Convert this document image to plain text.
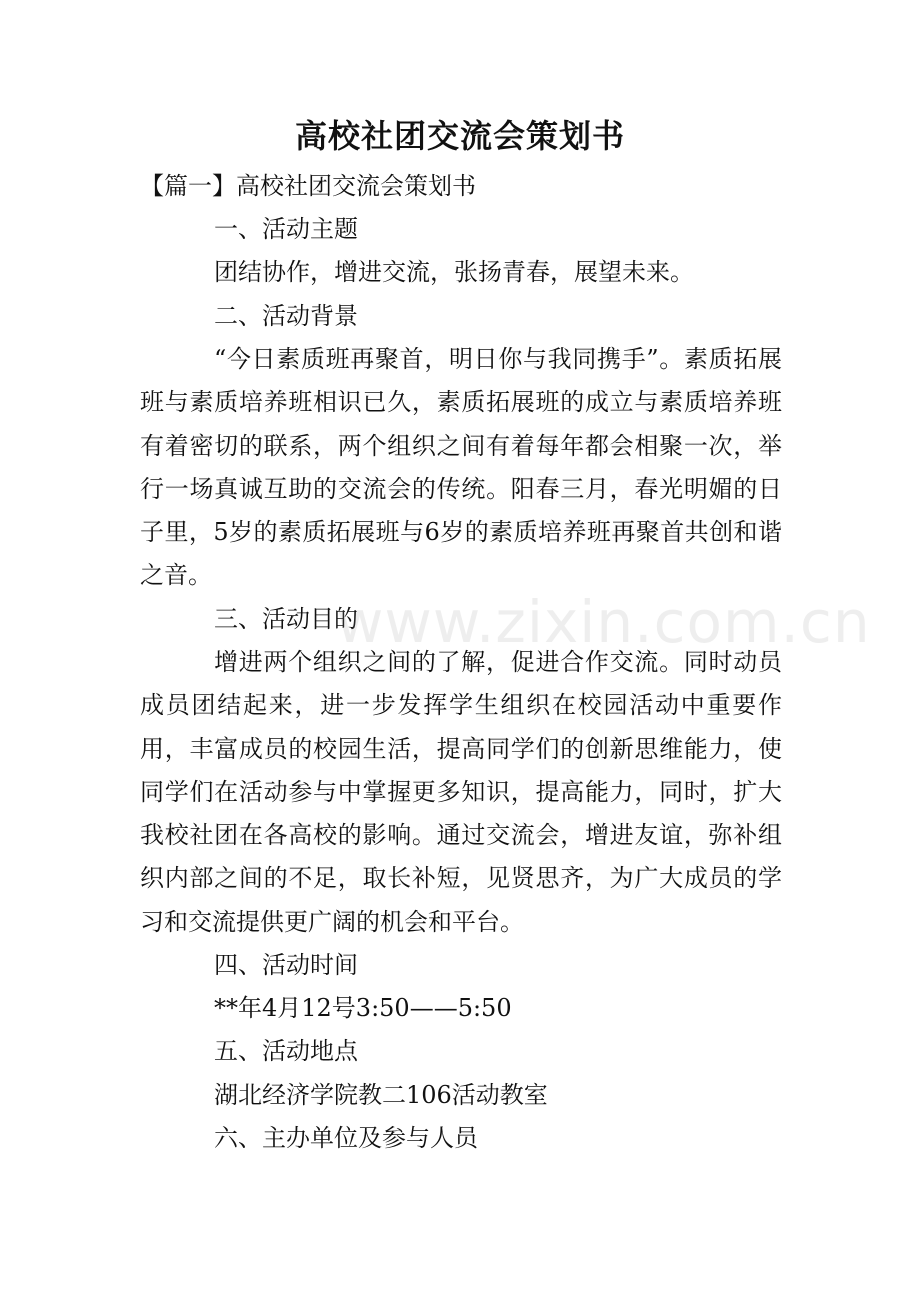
高校社团交流会策划书
【篇一】高校社团交流会策划书
一、活动主题
团结协作，增进交流，张扬青春，展望未来。
二、活动背景
“今日素质班再聚首，明日你与我同携手”。素质拓展班与素质培养班相识已久，素质拓展班的成立与素质培养班有着密切的联系，两个组织之间有着每年都会相聚一次，举行一场真诚互助的交流会的传统。阳春三月，春光明媚的日子里，5岁的素质拓展班与6岁的素质培养班再聚首共创和谐之音。
三、活动目的
增进两个组织之间的了解，促进合作交流。同时动员成员团结起来，进一步发挥学生组织在校园活动中重要作用，丰富成员的校园生活，提高同学们的创新思维能力，使同学们在活动参与中掌握更多知识，提高能力，同时，扩大我校社团在各高校的影响。通过交流会，增进友谊，弥补组织内部之间的不足，取长补短，见贤思齐，为广大成员的学习和交流提供更广阔的机会和平台。
四、活动时间
**年4月12号3:50——5:50
五、活动地点
湖北经济学院教二106活动教室
六、主办单位及参与人员
www.zixin.com.cn
